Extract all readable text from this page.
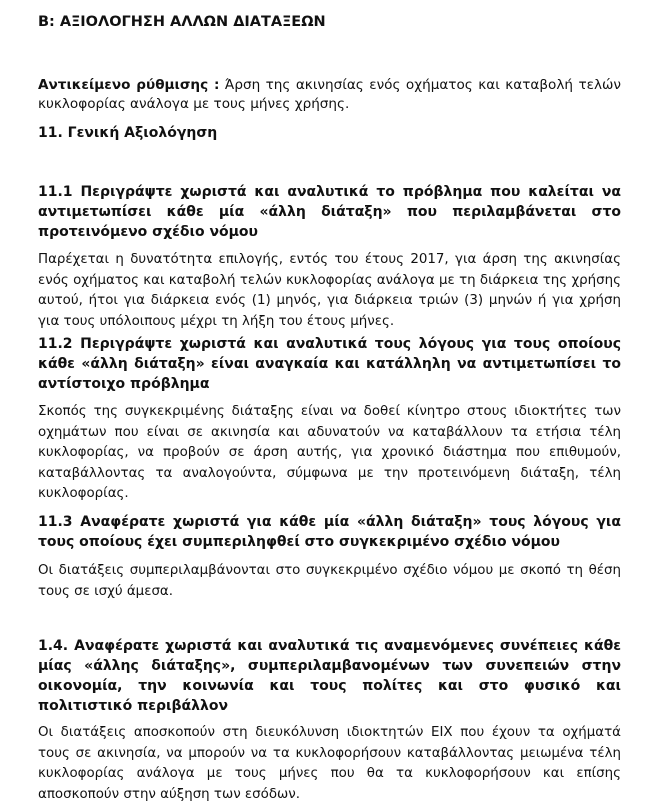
Β: ΑΞΙΟΛΟΓΗΣΗ ΑΛΛΩΝ ΔΙΑΤΑΞΕΩΝ

Αντικείμενο ρύθμισης : Άρση της ακινησίας ενός οχήματος και καταβολή τελών κυκλοφορίας ανάλογα με τους μήνες χρήσης.

11. Γενική Αξιολόγηση

11.1 Περιγράψτε χωριστά και αναλυτικά το πρόβλημα που καλείται να αντιμετωπίσει κάθε μία «άλλη διάταξη» που περιλαμβάνεται στο προτεινόμενο σχέδιο νόμου

Παρέχεται η δυνατότητα επιλογής, εντός του έτους 2017, για άρση της ακινησίας ενός οχήματος και καταβολή τελών κυκλοφορίας ανάλογα με τη διάρκεια της χρήσης αυτού, ήτοι για διάρκεια ενός (1) μηνός, για διάρκεια τριών (3) μηνών ή για χρήση για τους υπόλοιπους μέχρι τη λήξη του έτους μήνες.

11.2 Περιγράψτε χωριστά και αναλυτικά τους λόγους για τους οποίους κάθε «άλλη διάταξη» είναι αναγκαία και κατάλληλη να αντιμετωπίσει το αντίστοιχο πρόβλημα

Σκοπός της συγκεκριμένης διάταξης είναι να δοθεί κίνητρο στους ιδιοκτήτες των οχημάτων που είναι σε ακινησία και αδυνατούν να καταβάλλουν τα ετήσια τέλη κυκλοφορίας, να προβούν σε άρση αυτής, για χρονικό διάστημα που επιθυμούν, καταβάλλοντας τα αναλογούντα, σύμφωνα με την προτεινόμενη διάταξη, τέλη κυκλοφορίας.

11.3 Αναφέρατε χωριστά για κάθε μία «άλλη διάταξη» τους λόγους για τους οποίους έχει συμπεριληφθεί στο συγκεκριμένο σχέδιο νόμου

Οι διατάξεις συμπεριλαμβάνονται στο συγκεκριμένο σχέδιο νόμου με σκοπό τη θέση τους σε ισχύ άμεσα.

1.4. Αναφέρατε χωριστά και αναλυτικά τις αναμενόμενες συνέπειες κάθε μίας «άλλης διάταξης», συμπεριλαμβανομένων των συνεπειών στην οικονομία, την κοινωνία και τους πολίτες και στο φυσικό και πολιτιστικό περιβάλλον

Οι διατάξεις αποσκοπούν στη διευκόλυνση ιδιοκτητών ΕΙΧ που έχουν τα οχήματά τους σε ακινησία, να μπορούν να τα κυκλοφορήσουν καταβάλλοντας μειωμένα τέλη κυκλοφορίας ανάλογα με τους μήνες που θα τα κυκλοφορήσουν και επίσης αποσκοπούν στην αύξηση των εσόδων.
